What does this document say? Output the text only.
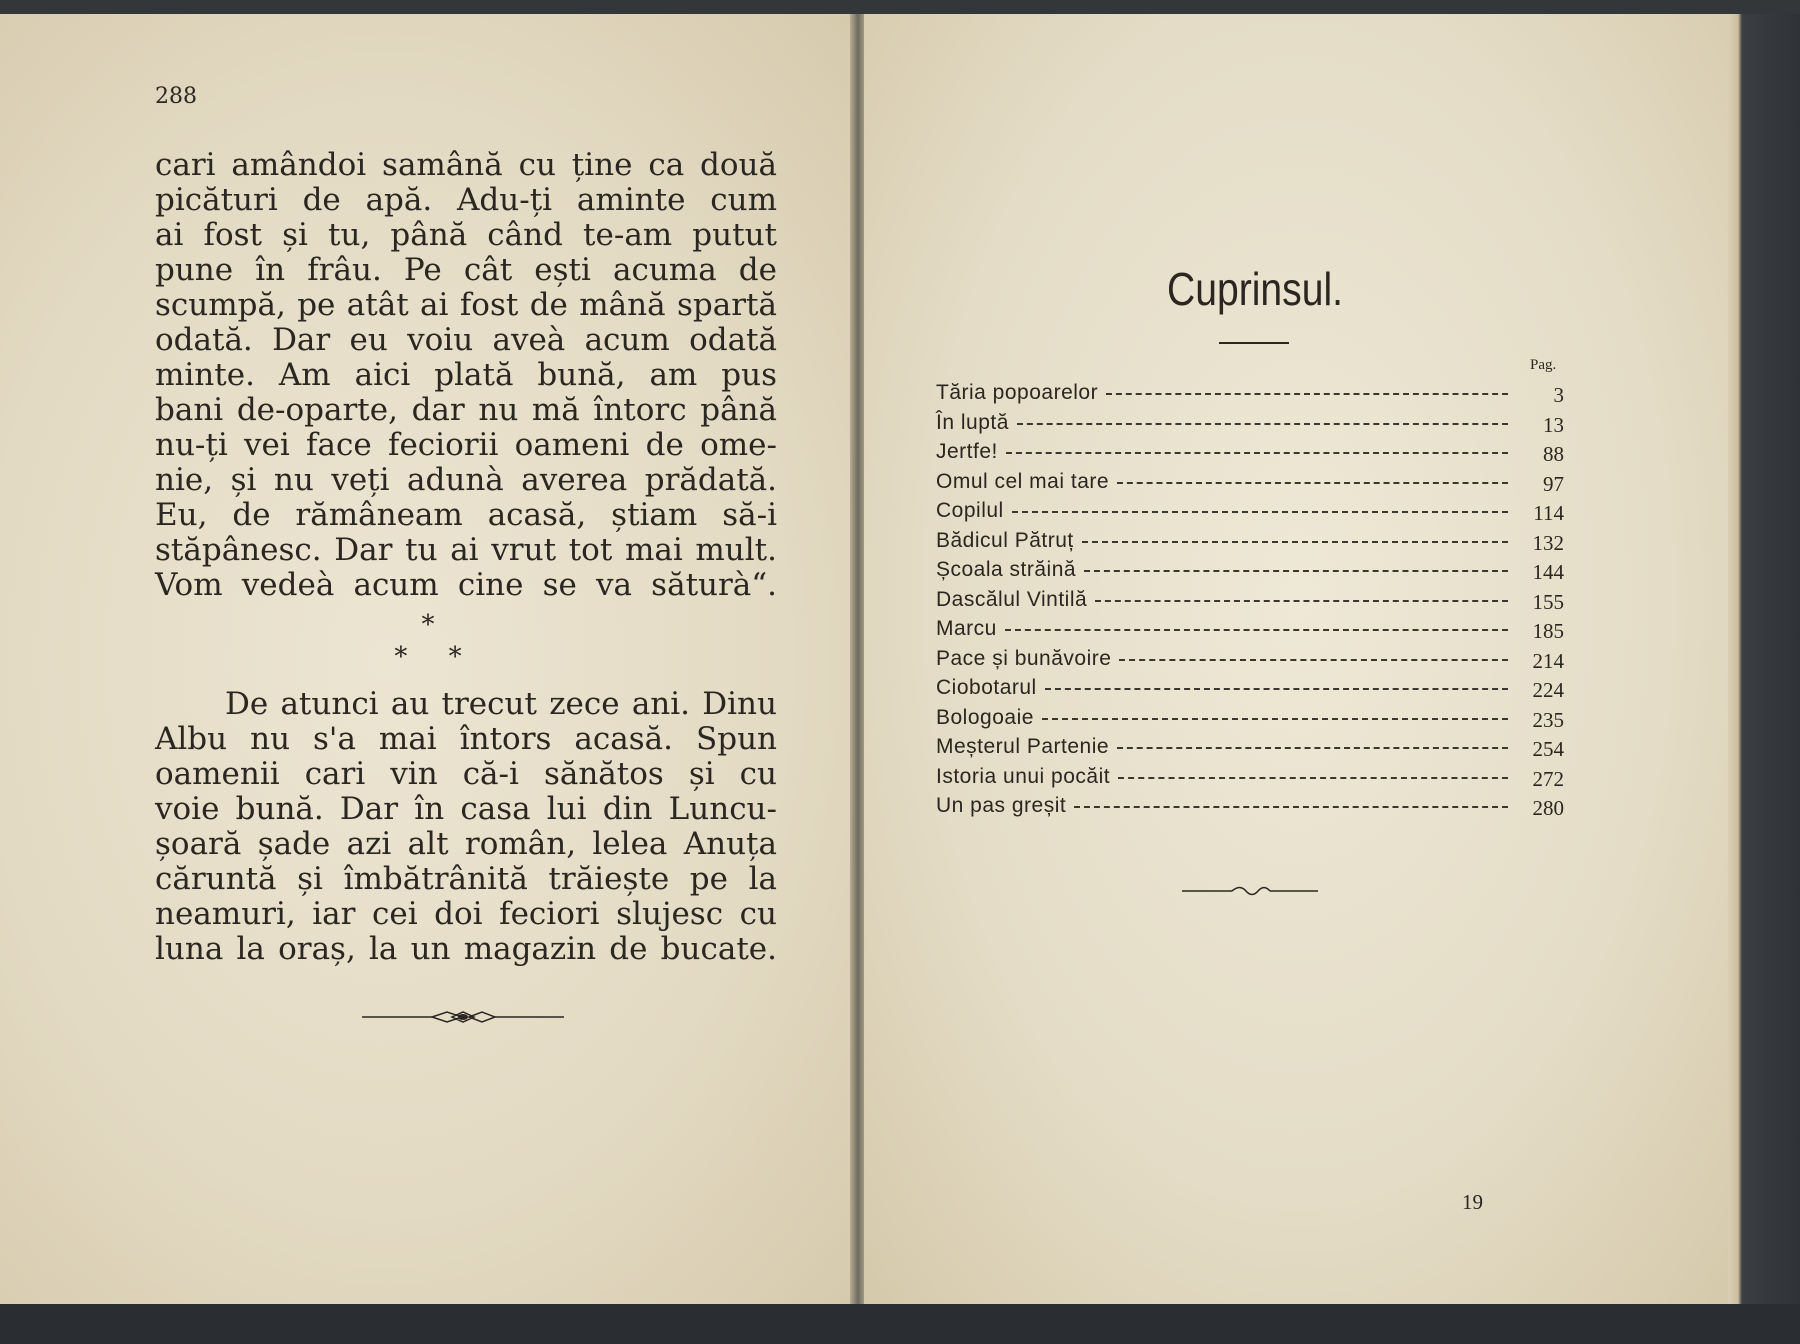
288
cari amândoi samână cu ține ca două
picături de apă. Adu-ți aminte cum
ai fost și tu, până când te-am putut
pune în frâu. Pe cât ești acuma de
scumpă, pe atât ai fost de mână spartă
odată. Dar eu voiu aveà acum odată
minte. Am aici plată bună, am pus
bani de-oparte, dar nu mă întorc până
nu-ți vei face feciorii oameni de ome-
nie, și nu veți adunà averea prădată.
Eu, de rămâneam acasă, știam să-i
stăpânesc. Dar tu ai vrut tot mai mult.
Vom vedeà acum cine se va săturà“.
*
*     *
De atunci au trecut zece ani. Dinu
Albu nu s'a mai întors acasă. Spun
oamenii cari vin că-i sănătos și cu
voie bună. Dar în casa lui din Luncu-
șoară șade azi alt român, lelea Anuța
căruntă și îmbătrânită trăiește pe la
neamuri, iar cei doi feciori slujesc cu
luna la oraș, la un magazin de bucate.
Cuprinsul.
Pag.
Tăria popoarelor	3
În luptă	13
Jertfe!	88
Omul cel mai tare	97
Copilul	114
Bădicul Pătruț	132
Școala străină	144
Dascălul Vintilă	155
Marcu	185
Pace și bunăvoire	214
Ciobotarul	224
Bologoaie	235
Meșterul Partenie	254
Istoria unui pocăit	272
Un pas greșit	280
19
